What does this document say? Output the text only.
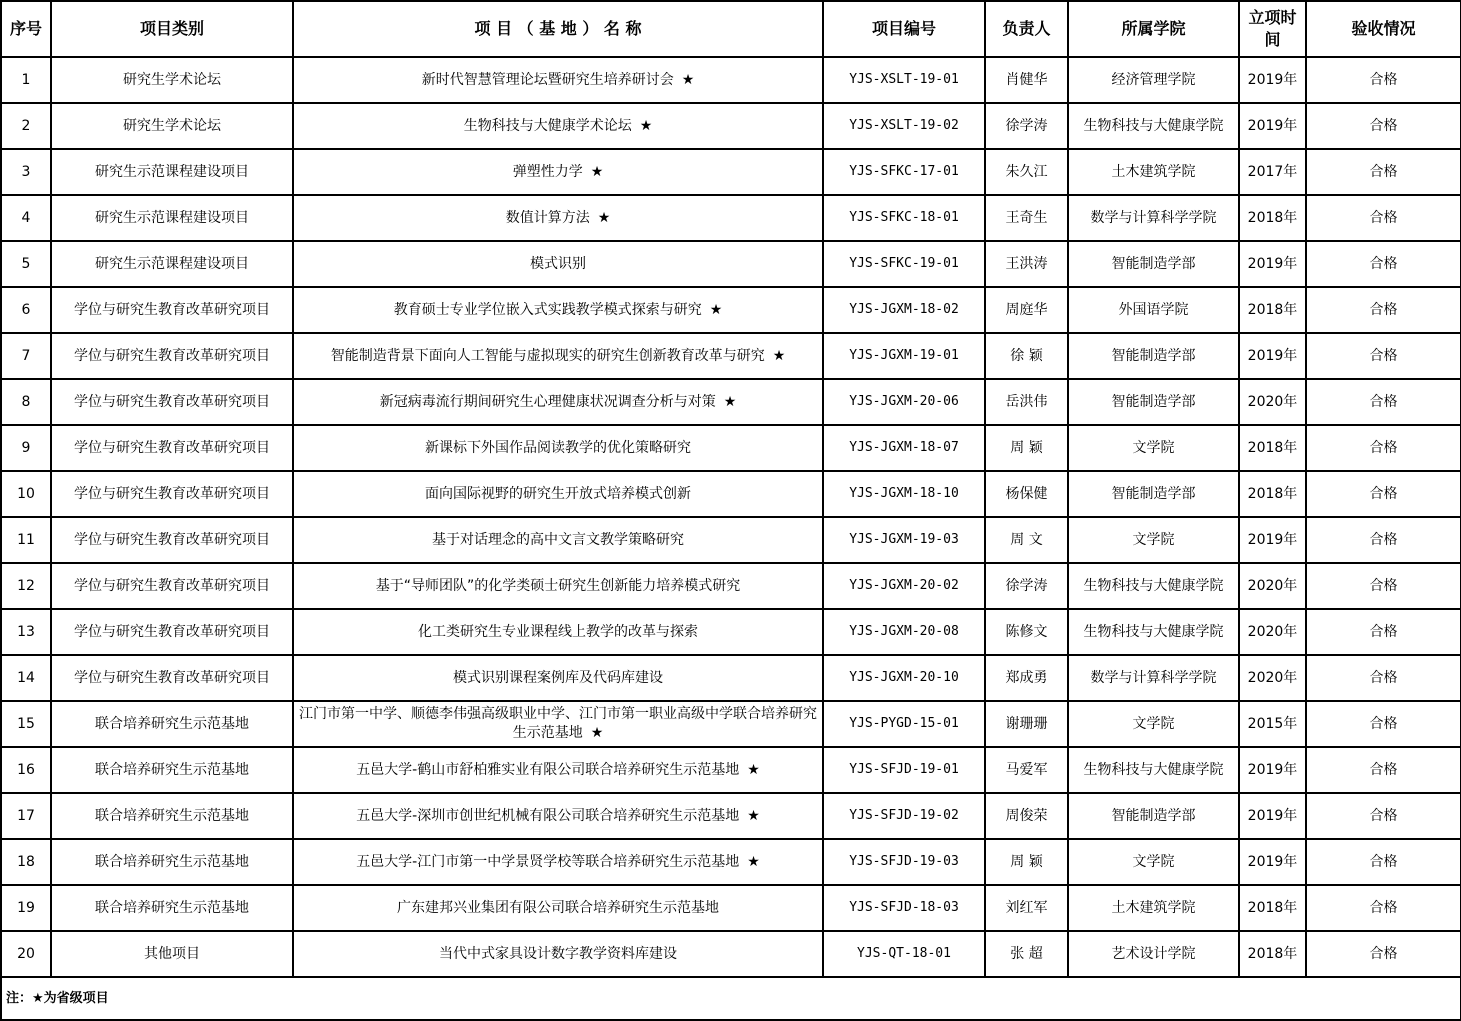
序号	项目类别	项 目 （ 基 地 ） 名 称	项目编号	负责人	所属学院	立项时间	验收情况
1	研究生学术论坛	新时代智慧管理论坛暨研究生培养研讨会 ★	YJS-XSLT-19-01	肖健华	经济管理学院	2019年	合格
2	研究生学术论坛	生物科技与大健康学术论坛 ★	YJS-XSLT-19-02	徐学涛	生物科技与大健康学院	2019年	合格
3	研究生示范课程建设项目	弹塑性力学 ★	YJS-SFKC-17-01	朱久江	土木建筑学院	2017年	合格
4	研究生示范课程建设项目	数值计算方法 ★	YJS-SFKC-18-01	王奇生	数学与计算科学学院	2018年	合格
5	研究生示范课程建设项目	模式识别	YJS-SFKC-19-01	王洪涛	智能制造学部	2019年	合格
6	学位与研究生教育改革研究项目	教育硕士专业学位嵌入式实践教学模式探索与研究 ★	YJS-JGXM-18-02	周庭华	外国语学院	2018年	合格
7	学位与研究生教育改革研究项目	智能制造背景下面向人工智能与虚拟现实的研究生创新教育改革与研究 ★	YJS-JGXM-19-01	徐 颖	智能制造学部	2019年	合格
8	学位与研究生教育改革研究项目	新冠病毒流行期间研究生心理健康状况调查分析与对策 ★	YJS-JGXM-20-06	岳洪伟	智能制造学部	2020年	合格
9	学位与研究生教育改革研究项目	新课标下外国作品阅读教学的优化策略研究	YJS-JGXM-18-07	周 颖	文学院	2018年	合格
10	学位与研究生教育改革研究项目	面向国际视野的研究生开放式培养模式创新	YJS-JGXM-18-10	杨保健	智能制造学部	2018年	合格
11	学位与研究生教育改革研究项目	基于对话理念的高中文言文教学策略研究	YJS-JGXM-19-03	周 文	文学院	2019年	合格
12	学位与研究生教育改革研究项目	基于“导师团队”的化学类硕士研究生创新能力培养模式研究	YJS-JGXM-20-02	徐学涛	生物科技与大健康学院	2020年	合格
13	学位与研究生教育改革研究项目	化工类研究生专业课程线上教学的改革与探索	YJS-JGXM-20-08	陈修文	生物科技与大健康学院	2020年	合格
14	学位与研究生教育改革研究项目	模式识别课程案例库及代码库建设	YJS-JGXM-20-10	郑成勇	数学与计算科学学院	2020年	合格
15	联合培养研究生示范基地	江门市第一中学、顺德李伟强高级职业中学、江门市第一职业高级中学联合培养研究生示范基地 ★	YJS-PYGD-15-01	谢珊珊	文学院	2015年	合格
16	联合培养研究生示范基地	五邑大学-鹤山市舒柏雅实业有限公司联合培养研究生示范基地 ★	YJS-SFJD-19-01	马爱军	生物科技与大健康学院	2019年	合格
17	联合培养研究生示范基地	五邑大学-深圳市创世纪机械有限公司联合培养研究生示范基地 ★	YJS-SFJD-19-02	周俊荣	智能制造学部	2019年	合格
18	联合培养研究生示范基地	五邑大学-江门市第一中学景贤学校等联合培养研究生示范基地 ★	YJS-SFJD-19-03	周 颖	文学院	2019年	合格
19	联合培养研究生示范基地	广东建邦兴业集团有限公司联合培养研究生示范基地	YJS-SFJD-18-03	刘红军	土木建筑学院	2018年	合格
20	其他项目	当代中式家具设计数字教学资料库建设	YJS-QT-18-01	张 超	艺术设计学院	2018年	合格
注：★为省级项目							
